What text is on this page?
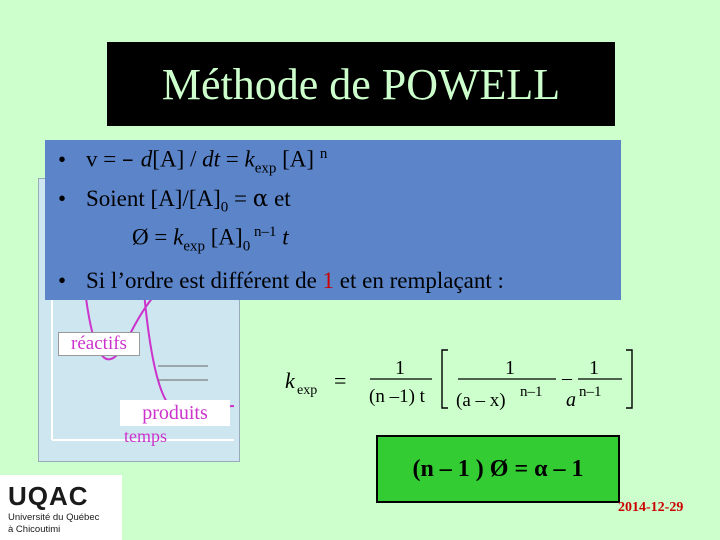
Méthode de POWELL
réactifs
produits
temps
• v = – d[A] / dt = $k_{exp}$ [A] $^n$
• Soient $[A]/[A]_0 = \alpha$ et
Ø = $k_{exp}$ $[A]_0$ $^{n-1}$ t
• Si l’ordre est différent de 1 et en remplaçant :
k exp = 1
(n –1) t
1
(a – x) n–1
– 1
a n–1
(n – 1 ) Ø = α – 1
UQAC
Université du Québec
à Chicoutimi
2014-12-29
